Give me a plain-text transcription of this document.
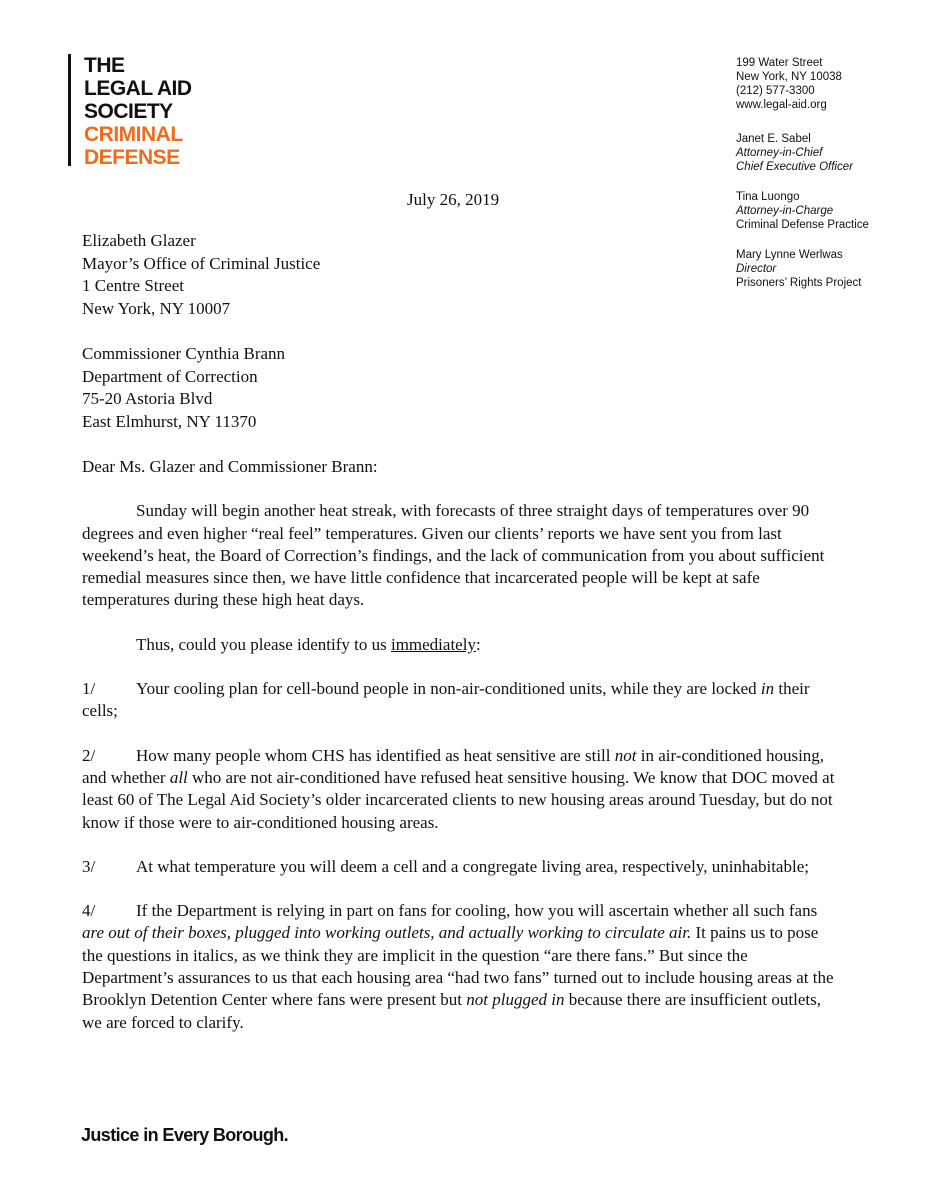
THE
LEGAL AID
SOCIETY
CRIMINAL
DEFENSE
199 Water Street
New York, NY 10038
(212) 577-3300
www.legal-aid.org
Janet E. Sabel
Attorney-in-Chief
Chief Executive Officer
Tina Luongo
Attorney-in-Charge
Criminal Defense Practice
Mary Lynne Werlwas
Director
Prisoners’ Rights Project
July 26, 2019
Elizabeth Glazer
Mayor’s Office of Criminal Justice
1 Centre Street
New York, NY 10007
Commissioner Cynthia Brann
Department of Correction
75-20 Astoria Blvd
East Elmhurst, NY 11370

Dear Ms. Glazer and Commissioner Brann:

Sunday will begin another heat streak, with forecasts of three straight days of temperatures over 90 degrees and even higher “real feel” temperatures. Given our clients’ reports we have sent you from last weekend’s heat, the Board of Correction’s findings, and the lack of communication from you about sufficient remedial measures since then, we have little confidence that incarcerated people will be kept at safe temperatures during these high heat days.

Thus, could you please identify to us immediately:

1/ Your cooling plan for cell-bound people in non-air-conditioned units, while they are locked in their cells;

2/ How many people whom CHS has identified as heat sensitive are still not in air-conditioned housing, and whether all who are not air-conditioned have refused heat sensitive housing. We know that DOC moved at least 60 of The Legal Aid Society’s older incarcerated clients to new housing areas around Tuesday, but do not know if those were to air-conditioned housing areas.

3/ At what temperature you will deem a cell and a congregate living area, respectively, uninhabitable;

4/ If the Department is relying in part on fans for cooling, how you will ascertain whether all such fans are out of their boxes, plugged into working outlets, and actually working to circulate air. It pains us to pose the questions in italics, as we think they are implicit in the question “are there fans.” But since the Department’s assurances to us that each housing area “had two fans” turned out to include housing areas at the Brooklyn Detention Center where fans were present but not plugged in because there are insufficient outlets, we are forced to clarify.

Justice in Every Borough.
